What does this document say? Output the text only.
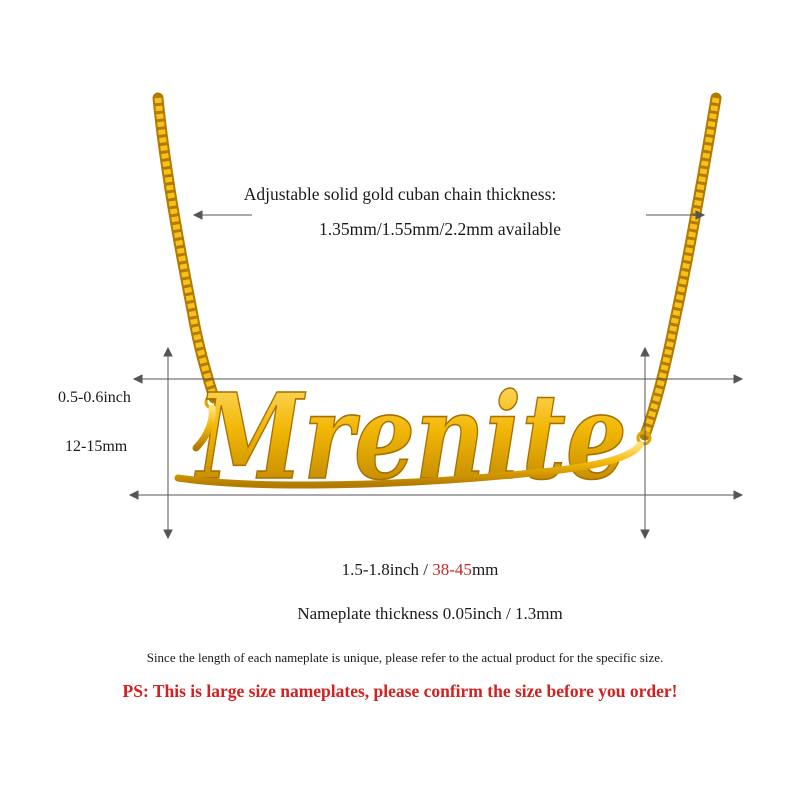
Mrenite
Adjustable solid gold cuban chain thickness:
1.35mm/1.55mm/2.2mm available
0.5-0.6inch
12-15mm
1.5-1.8inch / 38-45mm
Nameplate thickness 0.05inch / 1.3mm
Since the length of each nameplate is unique, please refer to the actual product for the specific size.
PS: This is large size nameplates, please confirm the size before you order!
